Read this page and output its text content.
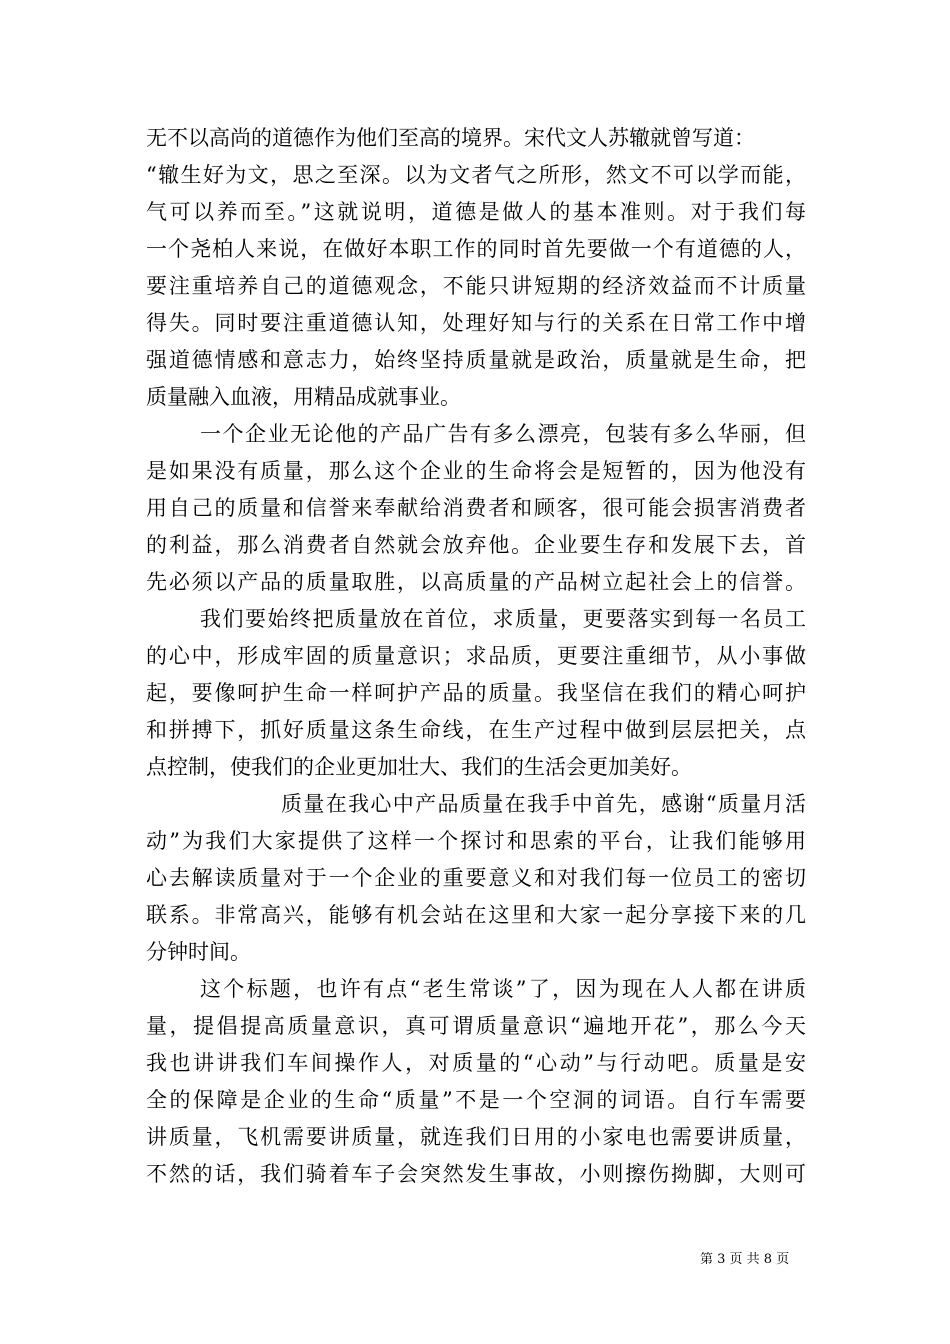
无不以高尚的道德作为他们至高的境界。宋代文人苏辙就曾写道：
“辙生好为文，思之至深。以为文者气之所形，然文不可以学而能，
气可以养而至。”这就说明，道德是做人的基本准则。对于我们每
一个尧柏人来说，在做好本职工作的同时首先要做一个有道德的人，
要注重培养自己的道德观念，不能只讲短期的经济效益而不计质量
得失。同时要注重道德认知，处理好知与行的关系在日常工作中增
强道德情感和意志力，始终坚持质量就是政治，质量就是生命，把
质量融入血液，用精品成就事业。
一个企业无论他的产品广告有多么漂亮，包装有多么华丽，但
是如果没有质量，那么这个企业的生命将会是短暂的，因为他没有
用自己的质量和信誉来奉献给消费者和顾客，很可能会损害消费者
的利益，那么消费者自然就会放弃他。企业要生存和发展下去，首
先必须以产品的质量取胜，以高质量的产品树立起社会上的信誉。
我们要始终把质量放在首位，求质量，更要落实到每一名员工
的心中，形成牢固的质量意识；求品质，更要注重细节，从小事做
起，要像呵护生命一样呵护产品的质量。我坚信在我们的精心呵护
和拼搏下，抓好质量这条生命线，在生产过程中做到层层把关，点
点控制，使我们的企业更加壮大、我们的生活会更加美好。
质量在我心中产品质量在我手中首先，感谢“质量月活
动”为我们大家提供了这样一个探讨和思索的平台，让我们能够用
心去解读质量对于一个企业的重要意义和对我们每一位员工的密切
联系。非常高兴，能够有机会站在这里和大家一起分享接下来的几
分钟时间。
这个标题，也许有点“老生常谈”了，因为现在人人都在讲质
量，提倡提高质量意识，真可谓质量意识“遍地开花”，那么今天
我也讲讲我们车间操作人，对质量的“心动”与行动吧。质量是安
全的保障是企业的生命“质量”不是一个空洞的词语。自行车需要
讲质量，飞机需要讲质量，就连我们日用的小家电也需要讲质量，
不然的话，我们骑着车子会突然发生事故，小则擦伤拗脚，大则可
第 3 页 共 8 页
